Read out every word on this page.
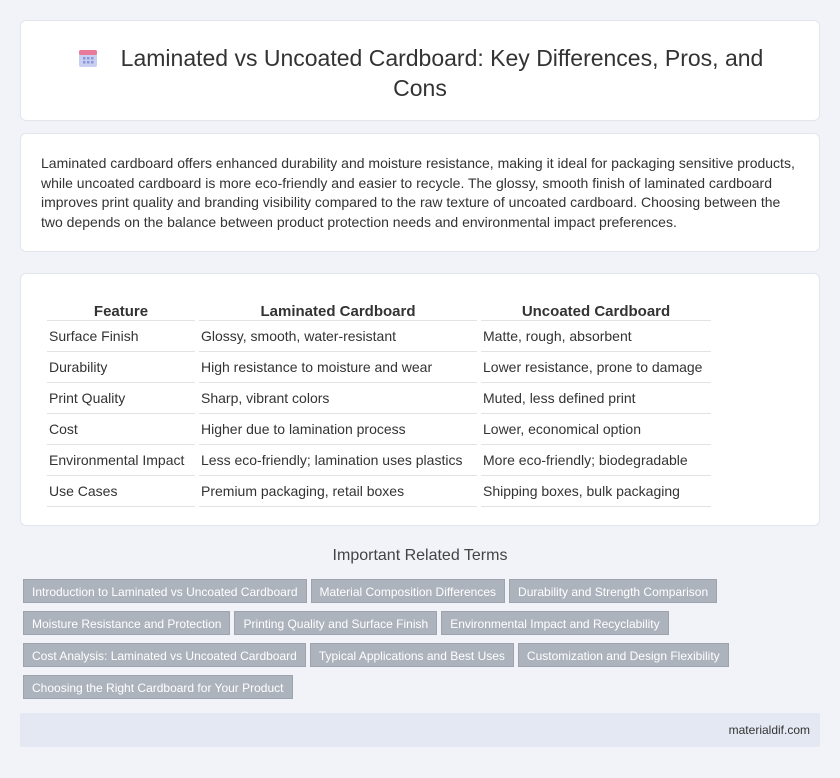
Laminated vs Uncoated Cardboard: Key Differences, Pros, and Cons

Laminated cardboard offers enhanced durability and moisture resistance, making it ideal for packaging sensitive products, while uncoated cardboard is more eco-friendly and easier to recycle. The glossy, smooth finish of laminated cardboard improves print quality and branding visibility compared to the raw texture of uncoated cardboard. Choosing between the two depends on the balance between product protection needs and environmental impact preferences.

Feature	Laminated Cardboard	Uncoated Cardboard
Surface Finish	Glossy, smooth, water-resistant	Matte, rough, absorbent
Durability	High resistance to moisture and wear	Lower resistance, prone to damage
Print Quality	Sharp, vibrant colors	Muted, less defined print
Cost	Higher due to lamination process	Lower, economical option
Environmental Impact	Less eco-friendly; lamination uses plastics	More eco-friendly; biodegradable
Use Cases	Premium packaging, retail boxes	Shipping boxes, bulk packaging
Important Related Terms
Introduction to Laminated vs Uncoated Cardboard Material Composition Differences Durability and Strength Comparison
Moisture Resistance and Protection Printing Quality and Surface Finish Environmental Impact and Recyclability
Cost Analysis: Laminated vs Uncoated Cardboard Typical Applications and Best Uses Customization and Design Flexibility
Choosing the Right Cardboard for Your Product
materialdif.com
